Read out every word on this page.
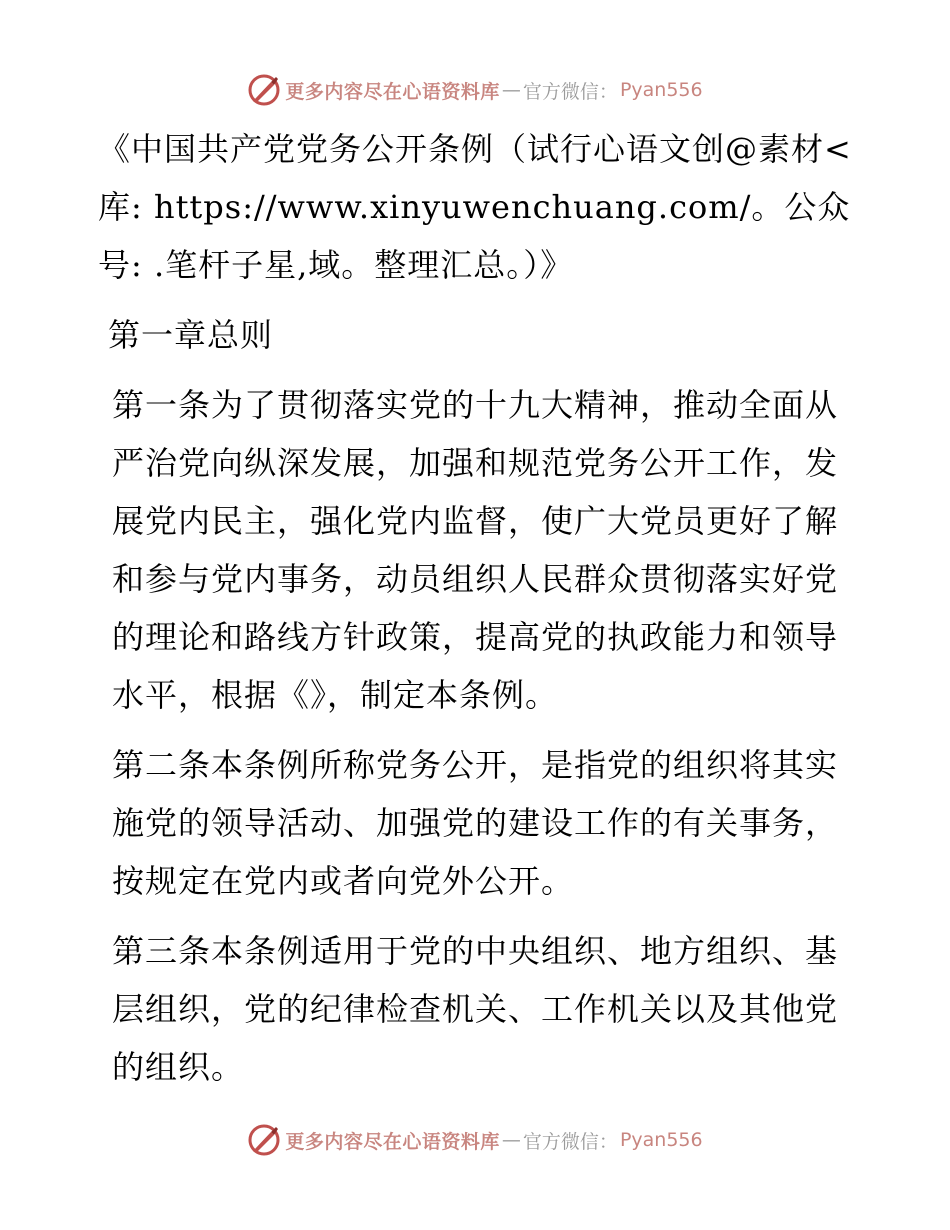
更多内容尽在心语资料库 — 官方微信： Pyan556

《中国共产党党务公开条例（试行心语文创@素材<库: https://www.xinyuwenchuang.com/。公众号: .笔杆子星,域。整理汇总。）》

第一章总则

第一条为了贯彻落实党的十九大精神，推动全面从严治党向纵深发展，加强和规范党务公开工作，发展党内民主，强化党内监督，使广大党员更好了解和参与党内事务，动员组织人民群众贯彻落实好党的理论和路线方针政策，提高党的执政能力和领导水平，根据《》，制定本条例。

第二条本条例所称党务公开，是指党的组织将其实施党的领导活动、加强党的建设工作的有关事务，按规定在党内或者向党外公开。

第三条本条例适用于党的中央组织、地方组织、基层组织，党的纪律检查机关、工作机关以及其他党的组织。

更多内容尽在心语资料库 — 官方微信： Pyan556
